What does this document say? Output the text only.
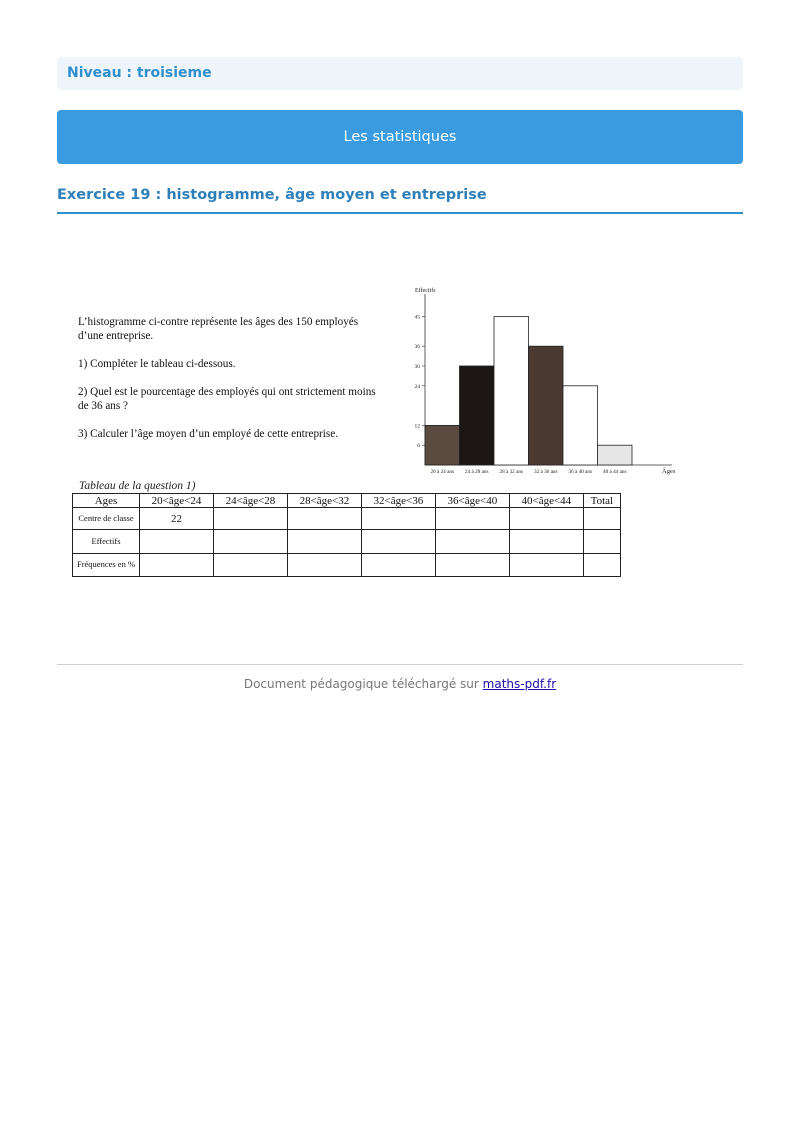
Niveau : troisieme
Les statistiques
Exercice 19 : histogramme, âge moyen et entreprise

L’histogramme ci-contre représente les âges des 150 employés d’une entreprise.

1) Compléter le tableau ci-dessous.

2) Quel est le pourcentage des employés qui ont strictement moins de 36 ans ?

3) Calculer l’âge moyen d’un employé de cette entreprise.

Effectifs
Âges
6
12
24
30
36
45
20 à 24 ans 24 à 28 ans 28 à 32 ans 32 à 36 ans 36 à 40 ans 40 à 44 ans
Tableau de la question 1)
Ages	20<âge<24	24<âge<28	28<âge<32	32<âge<36	36<âge<40	40<âge<44	Total
Centre de classe	22						
Effectifs							
Fréquences en %							
Document pédagogique téléchargé sur maths-pdf.fr
